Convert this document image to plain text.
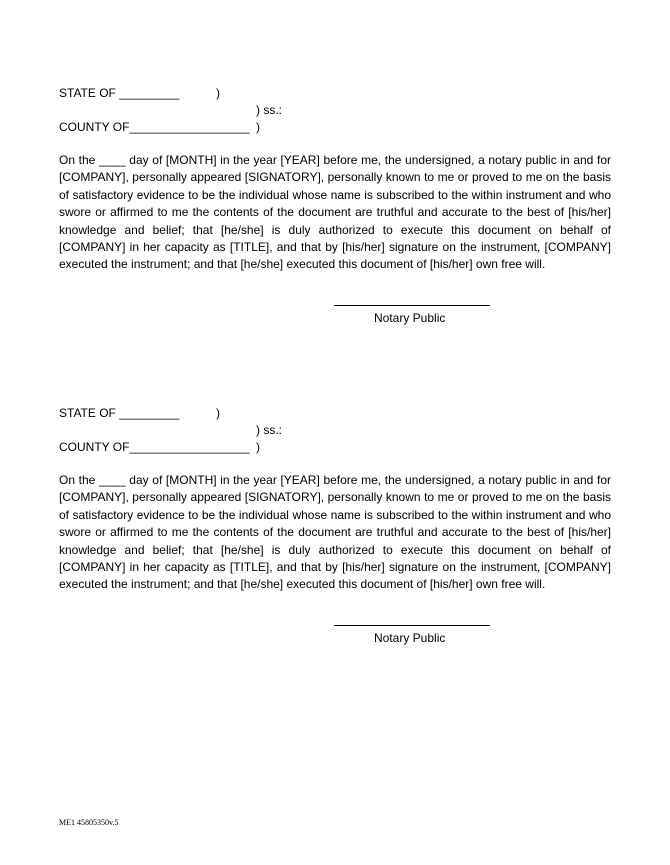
STATE OF _________	)
) ss.:
COUNTY OF__________________ )
On the ____ day of [MONTH] in the year [YEAR] before me, the undersigned, a notary public in and for [COMPANY], personally appeared [SIGNATORY], personally known to me or proved to me on the basis of satisfactory evidence to be the individual whose name is subscribed to the within instrument and who swore or affirmed to me the contents of the document are truthful and accurate to the best of [his/her] knowledge and belief; that [he/she] is duly authorized to execute this document on behalf of [COMPANY] in her capacity as [TITLE], and that by [his/her] signature on the instrument, [COMPANY] executed the instrument; and that [he/she] executed this document of [his/her] own free will.
Notary Public
STATE OF _________	)
) ss.:
COUNTY OF__________________ )
On the ____ day of [MONTH] in the year [YEAR] before me, the undersigned, a notary public in and for [COMPANY], personally appeared [SIGNATORY], personally known to me or proved to me on the basis of satisfactory evidence to be the individual whose name is subscribed to the within instrument and who swore or affirmed to me the contents of the document are truthful and accurate to the best of [his/her] knowledge and belief; that [he/she] is duly authorized to execute this document on behalf of [COMPANY] in her capacity as [TITLE], and that by [his/her] signature on the instrument, [COMPANY] executed the instrument; and that [he/she] executed this document of [his/her] own free will.
Notary Public
ME1 45805350v.5
